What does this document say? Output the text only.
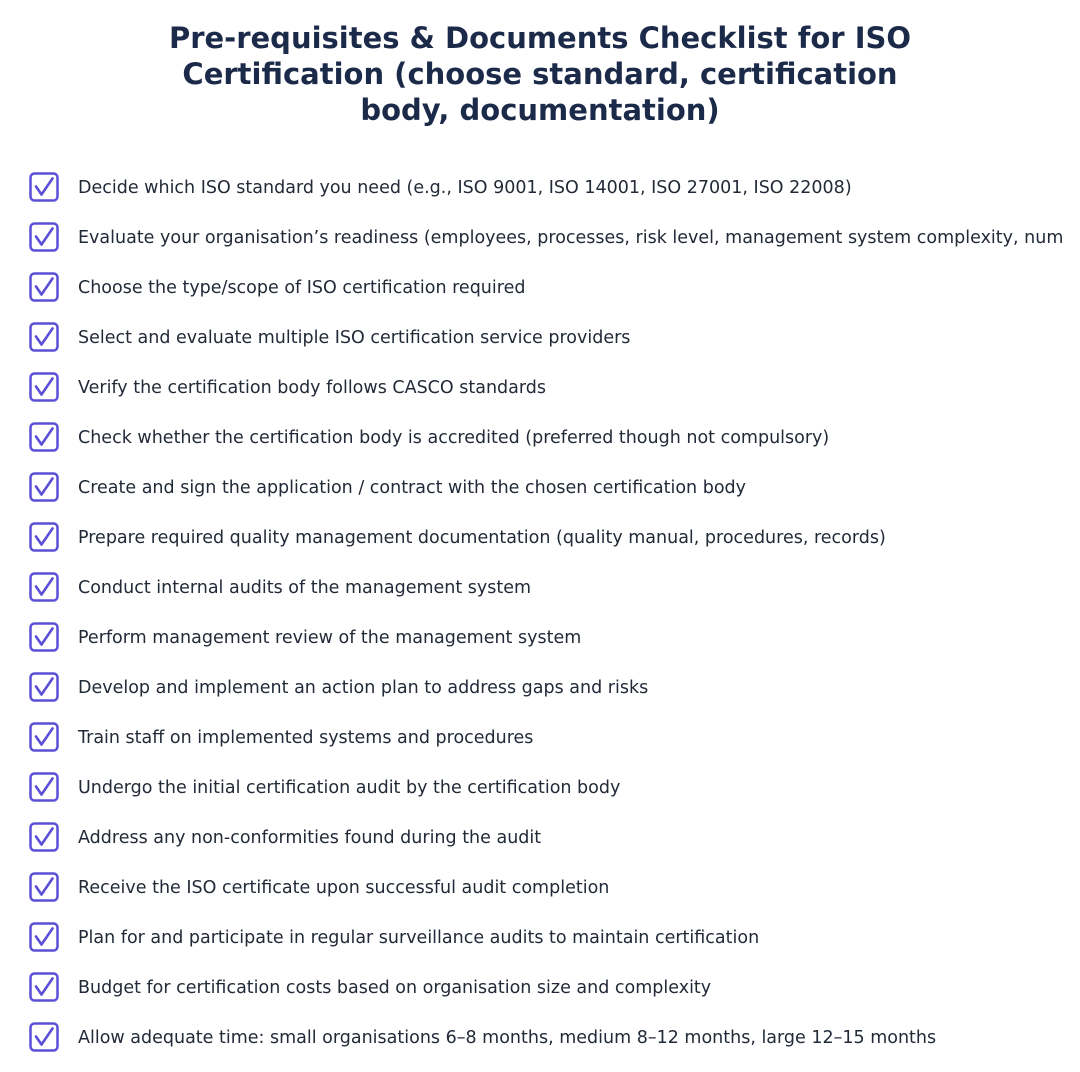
Pre-requisites & Documents Checklist for ISO Certification (choose standard, certification body, documentation)
Decide which ISO standard you need (e.g., ISO 9001, ISO 14001, ISO 27001, ISO 22008)
Evaluate your organisation’s readiness (employees, processes, risk level, management system complexity, num
Choose the type/scope of ISO certification required
Select and evaluate multiple ISO certification service providers
Verify the certification body follows CASCO standards
Check whether the certification body is accredited (preferred though not compulsory)
Create and sign the application / contract with the chosen certification body
Prepare required quality management documentation (quality manual, procedures, records)
Conduct internal audits of the management system
Perform management review of the management system
Develop and implement an action plan to address gaps and risks
Train staff on implemented systems and procedures
Undergo the initial certification audit by the certification body
Address any non-conformities found during the audit
Receive the ISO certificate upon successful audit completion
Plan for and participate in regular surveillance audits to maintain certification
Budget for certification costs based on organisation size and complexity
Allow adequate time: small organisations 6–8 months, medium 8–12 months, large 12–15 months
